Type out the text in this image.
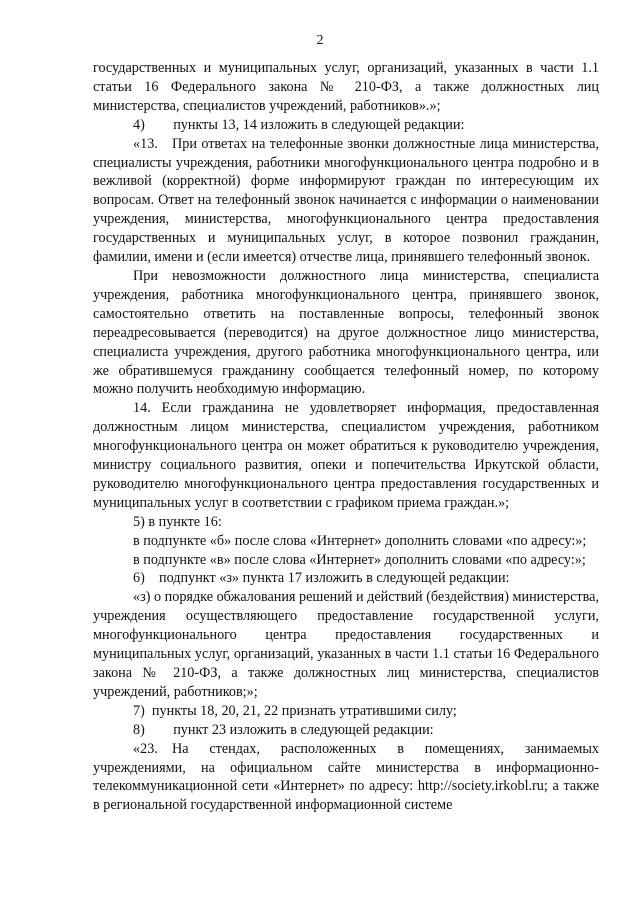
2

государственных и муниципальных услуг, организаций, указанных в части 1.1 статьи 16 Федерального закона № 210-ФЗ, а также должностных лиц министерства, специалистов учреждений, работников».»;

4)  пункты 13, 14 изложить в следующей редакции:

«13. При ответах на телефонные звонки должностные лица министерства, специалисты учреждения, работники многофункционального центра подробно и в вежливой (корректной) форме информируют граждан по интересующим их вопросам. Ответ на телефонный звонок начинается с информации о наименовании учреждения, министерства, многофункционального центра предоставления государственных и муниципальных услуг, в которое позвонил гражданин, фамилии, имени и (если имеется) отчестве лица, принявшего телефонный звонок.

При невозможности должностного лица министерства, специалиста учреждения, работника многофункционального центра, принявшего звонок, самостоятельно ответить на поставленные вопросы, телефонный звонок переадресовывается (переводится) на другое должностное лицо министерства, специалиста учреждения, другого работника многофункционального центра, или же обратившемуся гражданину сообщается телефонный номер, по которому можно получить необходимую информацию.

14. Если гражданина не удовлетворяет информация, предоставленная должностным лицом министерства, специалистом учреждения, работником многофункционального центра он может обратиться к руководителю учреждения, министру социального развития, опеки и попечительства Иркутской области, руководителю многофункционального центра предоставления государственных и муниципальных услуг в соответствии с графиком приема граждан.»;

5) в пункте 16:

в подпункте «б» после слова «Интернет» дополнить словами «по адресу:»;

в подпункте «в» после слова «Интернет» дополнить словами «по адресу:»;

6) подпункт «з» пункта 17 изложить в следующей редакции:

«з) о порядке обжалования решений и действий (бездействия) министерства, учреждения осуществляющего предоставление государственной услуги, многофункционального центра предоставления государственных и муниципальных услуг, организаций, указанных в части 1.1 статьи 16 Федерального закона № 210-ФЗ, а также должностных лиц министерства, специалистов учреждений, работников;»;

7) пункты 18, 20, 21, 22 признать утратившими силу;

8)  пункт 23 изложить в следующей редакции:

«23. На стендах, расположенных в помещениях, занимаемых учреждениями, на официальном сайте министерства в информационно-телекоммуникационной сети «Интернет» по адресу: http://society.irkobl.ru; а также в региональной государственной информационной системе
